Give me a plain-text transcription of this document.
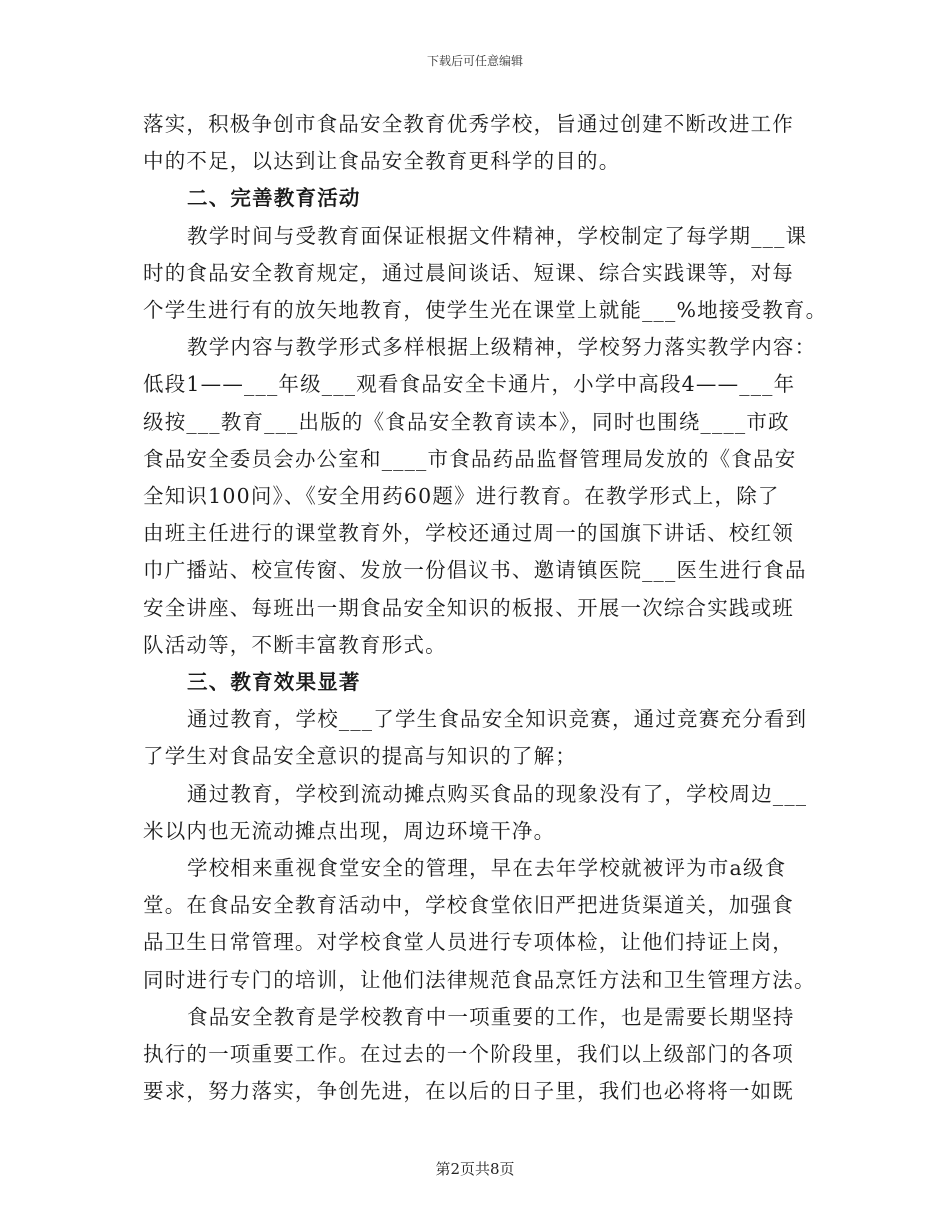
下载后可任意编辑

落实，积极争创市食品安全教育优秀学校，旨通过创建不断改进工作

中的不足，以达到让食品安全教育更科学的目的。

二、完善教育活动

教学时间与受教育面保证根据文件精神，学校制定了每学期___课

时的食品安全教育规定，通过晨间谈话、短课、综合实践课等，对每

个学生进行有的放矢地教育，使学生光在课堂上就能___%地接受教育。

教学内容与教学形式多样根据上级精神，学校努力落实教学内容：

低段1——___年级___观看食品安全卡通片，小学中高段4——___年

级按___教育___出版的《食品安全教育读本》，同时也围绕____市政

食品安全委员会办公室和____市食品药品监督管理局发放的《食品安

全知识100问》、《安全用药60题》进行教育。在教学形式上，除了

由班主任进行的课堂教育外，学校还通过周一的国旗下讲话、校红领

巾广播站、校宣传窗、发放一份倡议书、邀请镇医院___医生进行食品

安全讲座、每班出一期食品安全知识的板报、开展一次综合实践或班

队活动等，不断丰富教育形式。

三、教育效果显著

通过教育，学校___了学生食品安全知识竞赛，通过竞赛充分看到

了学生对食品安全意识的提高与知识的了解；

通过教育，学校到流动摊点购买食品的现象没有了，学校周边___

米以内也无流动摊点出现，周边环境干净。

学校相来重视食堂安全的管理，早在去年学校就被评为市a级食

堂。在食品安全教育活动中，学校食堂依旧严把进货渠道关，加强食

品卫生日常管理。对学校食堂人员进行专项体检，让他们持证上岗，

同时进行专门的培训，让他们法律规范食品烹饪方法和卫生管理方法。

食品安全教育是学校教育中一项重要的工作，也是需要长期坚持

执行的一项重要工作。在过去的一个阶段里，我们以上级部门的各项

要求，努力落实，争创先进，在以后的日子里，我们也必将将一如既

第2页共8页
